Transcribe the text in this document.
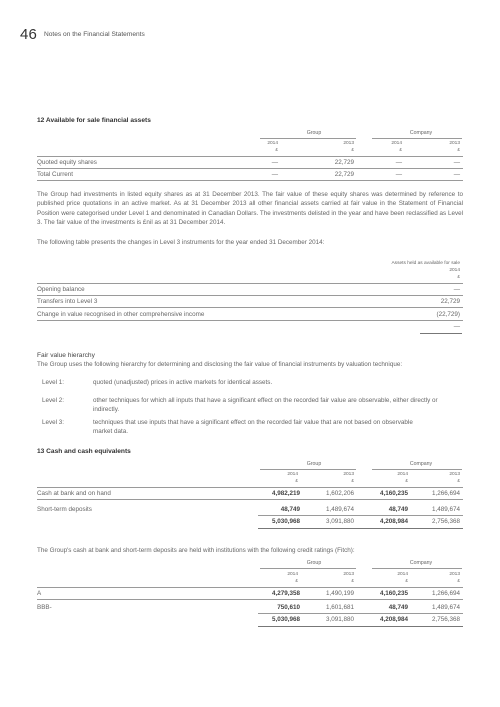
46 Notes on the Financial Statements
12 Available for sale financial assets
Group	Company
2014	2013	2014	2013
£	£	£	£
Quoted equity shares	—	22,729	—	—
Total Current	—	22,729	—	—
The Group had investments in listed equity shares as at 31 December 2013. The fair value of these equity shares was determined by reference to published price quotations in an active market. As at 31 December 2013 all other financial assets carried at fair value in the Statement of Financial Position were categorised under Level 1 and denominated in Canadian Dollars. The investments delisted in the year and have been reclassified as Level 3. The fair value of the investments is £nil as at 31 December 2014.
The following table presents the changes in Level 3 instruments for the year ended 31 December 2014:
Assets held as available for sale
2014
£
Opening balance	—
Transfers into Level 3	22,729
Change in value recognised in other comprehensive income	(22,729)
—
Fair value hierarchy
The Group uses the following hierarchy for determining and disclosing the fair value of financial instruments by valuation technique:
Level 1:	quoted (unadjusted) prices in active markets for identical assets.
Level 2:	other techniques for which all inputs that have a significant effect on the recorded fair value are observable, either directly or indirectly.
Level 3:	techniques that use inputs that have a significant effect on the recorded fair value that are not based on observable market data.
13 Cash and cash equivalents
Group	Company
2014	2013	2014	2013
£	£	£	£
Cash at bank and on hand	4,982,219	1,602,206	4,160,235	1,266,694
Short-term deposits	48,749	1,489,674	48,749	1,489,674
5,030,968	3,091,880	4,208,984	2,756,368
The Group's cash at bank and short-term deposits are held with institutions with the following credit ratings (Fitch):
Group	Company
2014	2013	2014	2013
£	£	£	£
A	4,279,358	1,490,199	4,160,235	1,266,694
BBB-	750,610	1,601,681	48,749	1,489,674
5,030,968	3,091,880	4,208,984	2,756,368
